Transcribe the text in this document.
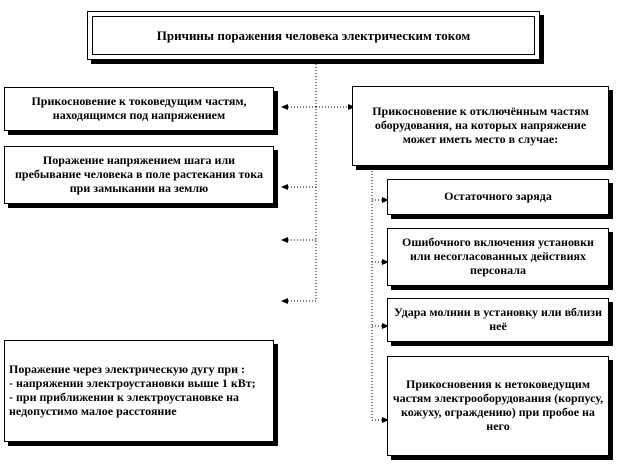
Причины поражения человека электрическим током
Прикосновение к токоведущим частям, находящимся под напряжением
Поражение напряжением шага или пребывание человека в поле растекания тока при замыкании на землю
Поражение через электрическую дугу при :
- напряжении электроустановки выше 1 кВт;
- при приближении к электроустановке на недопустимо малое расстояние
Прикосновение к отключённым частям оборудования, на которых напряжение может иметь место в случае:
Остаточного заряда
Ошибочного включения установки или несогласованных действиях персонала
Удара молнии в установку или вблизи неё
Прикосновения к нетоковедущим частям электрооборудования (корпусу, кожуху, ограждению) при пробое на него
